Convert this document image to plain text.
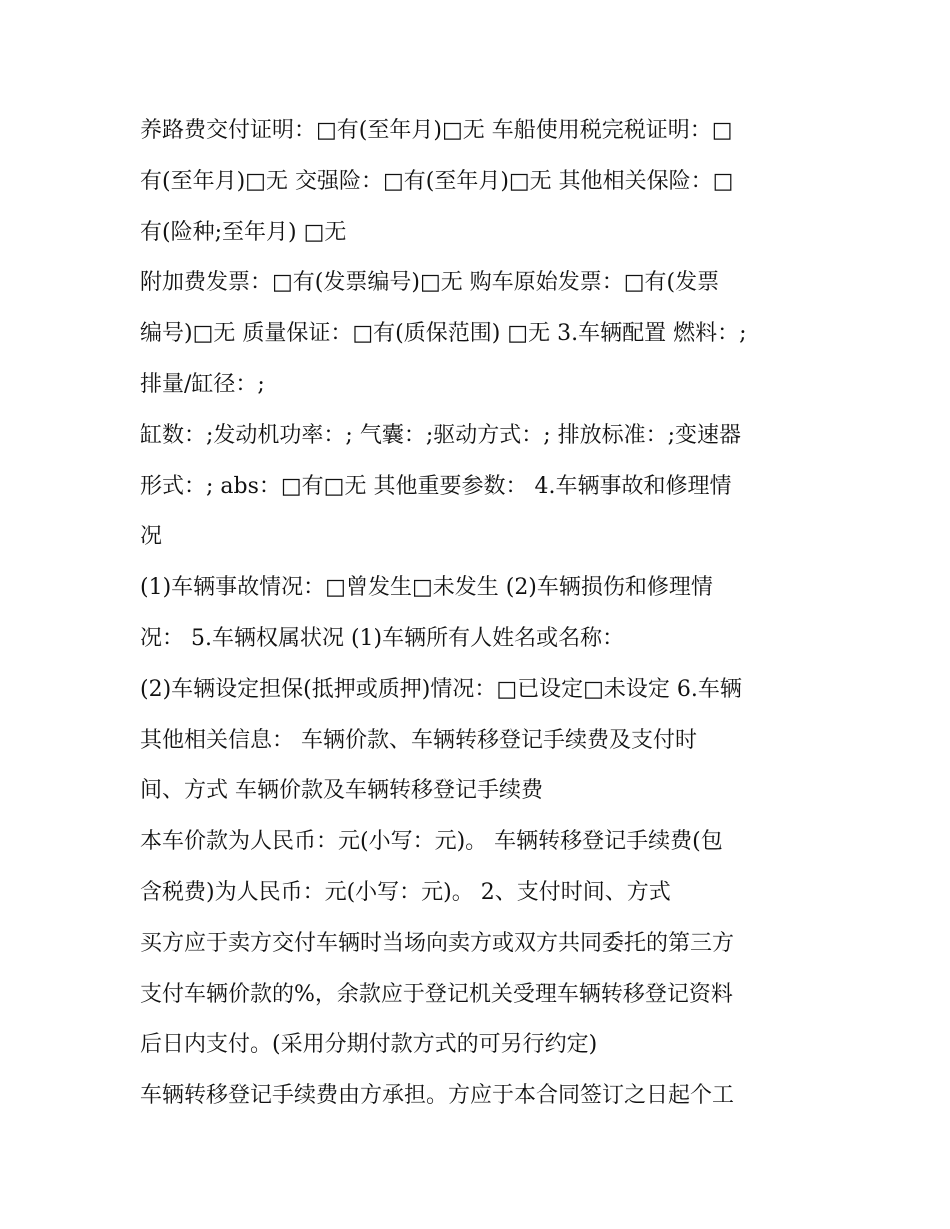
养路费交付证明：□有(至年月)□无 车船使用税完税证明：□
有(至年月)□无 交强险：□有(至年月)□无 其他相关保险：□
有(险种;至年月) □无
附加费发票：□有(发票编号)□无 购车原始发票：□有(发票
编号)□无 质量保证：□有(质保范围) □无 3.车辆配置 燃料：;
排量/缸径：;
缸数：;发动机功率：; 气囊：;驱动方式：; 排放标准：;变速器
形式：; abs：□有□无 其他重要参数： 4.车辆事故和修理情
况
(1)车辆事故情况：□曾发生□未发生 (2)车辆损伤和修理情
况： 5.车辆权属状况 (1)车辆所有人姓名或名称：
(2)车辆设定担保(抵押或质押)情况：□已设定□未设定 6.车辆
其他相关信息： 车辆价款、车辆转移登记手续费及支付时
间、方式 车辆价款及车辆转移登记手续费
本车价款为人民币：元(小写：元)。 车辆转移登记手续费(包
含税费)为人民币：元(小写：元)。 2、支付时间、方式
买方应于卖方交付车辆时当场向卖方或双方共同委托的第三方
支付车辆价款的%，余款应于登记机关受理车辆转移登记资料
后日内支付。(采用分期付款方式的可另行约定)
车辆转移登记手续费由方承担。方应于本合同签订之日起个工
